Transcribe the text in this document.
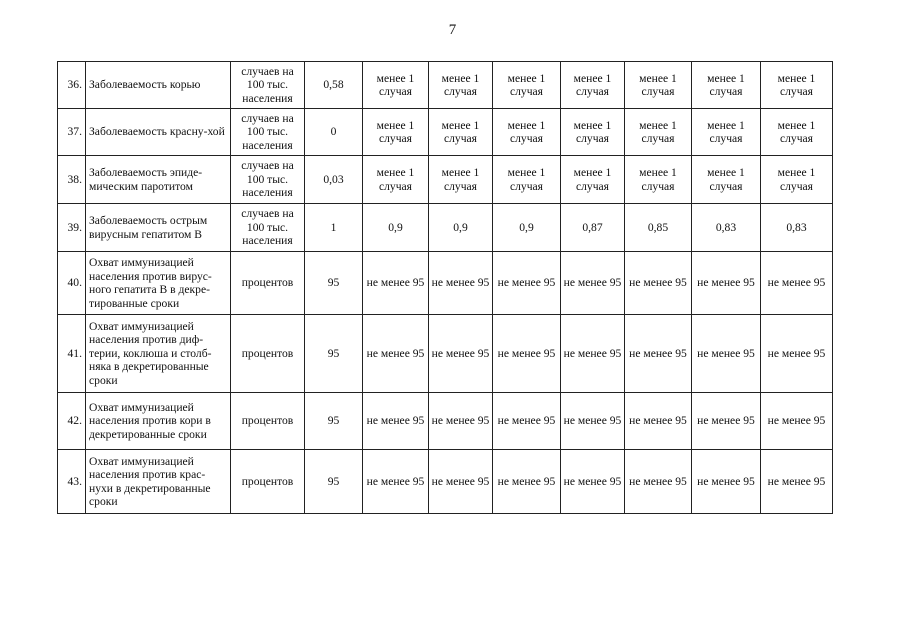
7
36.	Заболеваемость корью	случаев на 100 тыс. населения	0,58	менее 1 случая	менее 1 случая	менее 1 случая	менее 1 случая	менее 1 случая	менее 1 случая	менее 1 случая
37.	Заболеваемость красну-хой	случаев на 100 тыс. населения	0	менее 1 случая	менее 1 случая	менее 1 случая	менее 1 случая	менее 1 случая	менее 1 случая	менее 1 случая
38.	Заболеваемость эпиде-мическим паротитом	случаев на 100 тыс. населения	0,03	менее 1 случая	менее 1 случая	менее 1 случая	менее 1 случая	менее 1 случая	менее 1 случая	менее 1 случая
39.	Заболеваемость острым вирусным гепатитом В	случаев на 100 тыс. населения	1	0,9	0,9	0,9	0,87	0,85	0,83	0,83
40.	Охват иммунизацией населения против вирус-ного гепатита В в декре-тированные сроки	процентов	95	не менее 95	не менее 95	не менее 95	не менее 95	не менее 95	не менее 95	не менее 95
41.	Охват иммунизацией населения против диф-терии, коклюша и столб-няка в декретированные сроки	процентов	95	не менее 95	не менее 95	не менее 95	не менее 95	не менее 95	не менее 95	не менее 95
42.	Охват иммунизацией населения против кори в декретированные сроки	процентов	95	не менее 95	не менее 95	не менее 95	не менее 95	не менее 95	не менее 95	не менее 95
43.	Охват иммунизацией населения против крас-нухи в декретированные сроки	процентов	95	не менее 95	не менее 95	не менее 95	не менее 95	не менее 95	не менее 95	не менее 95
